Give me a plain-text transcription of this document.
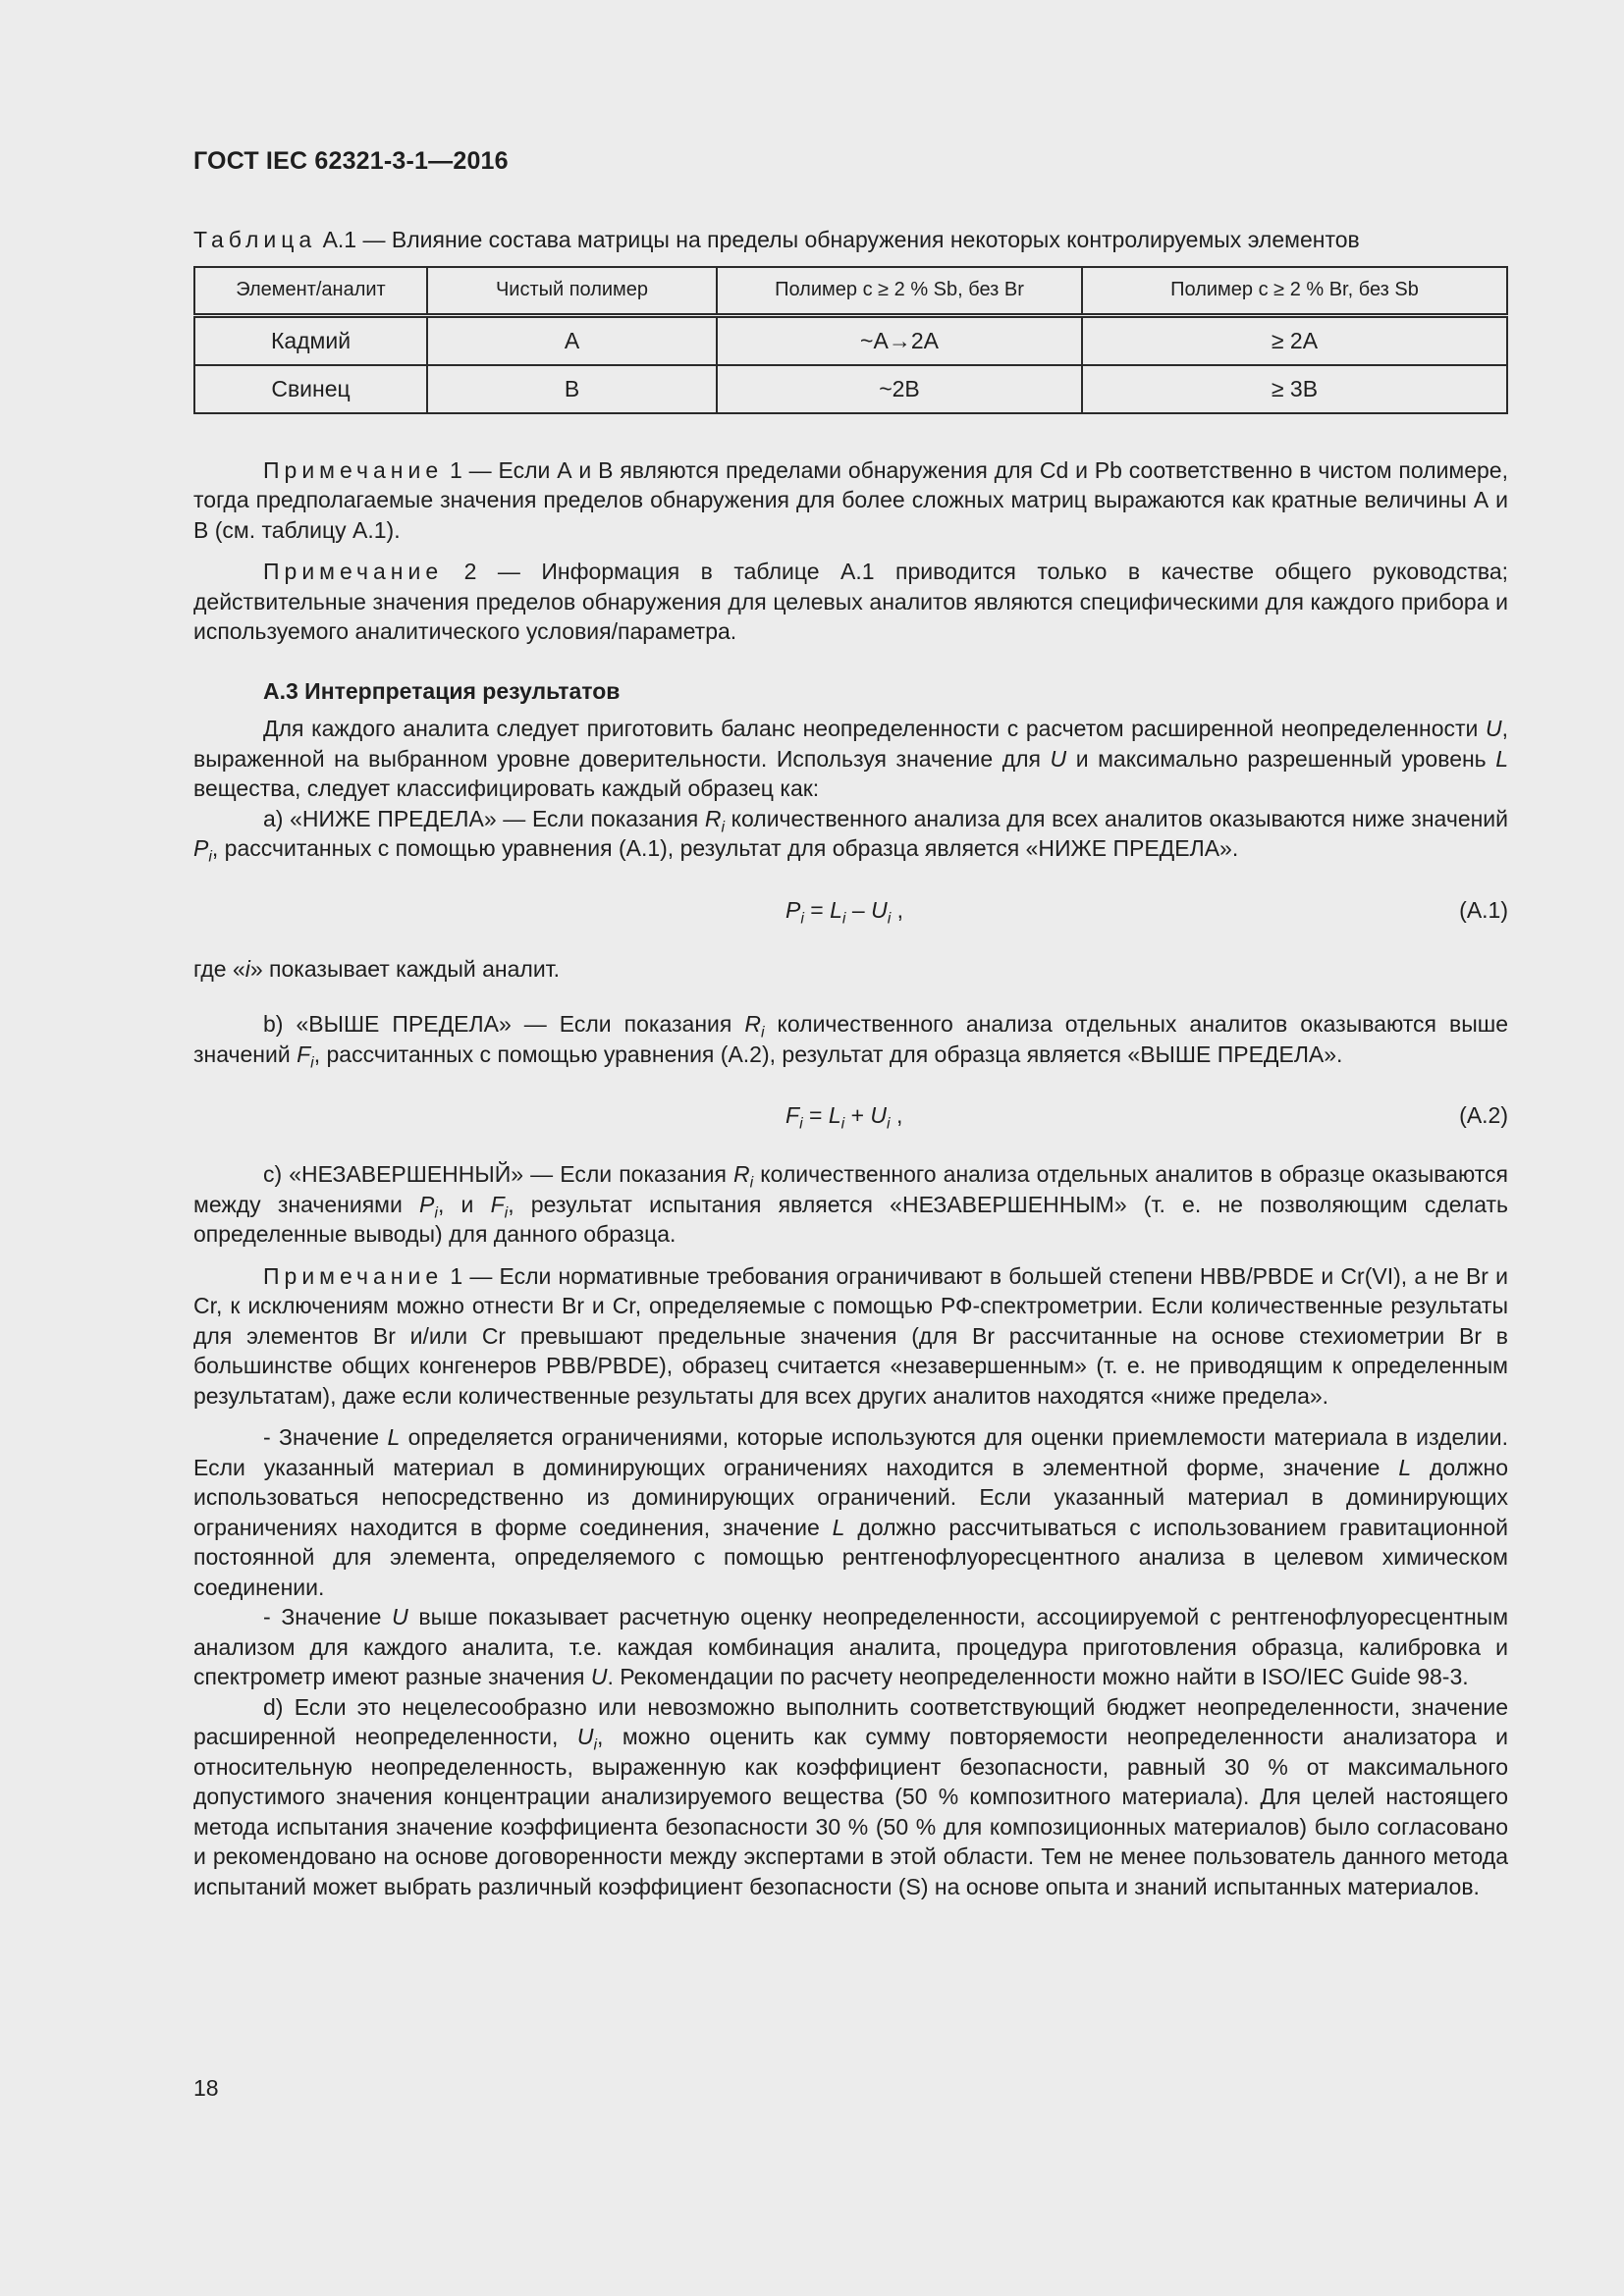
ГОСТ IEC 62321-3-1—2016
Таблица А.1 — Влияние состава матрицы на пределы обнаружения некоторых контролируемых элементов
Элемент/аналит	Чистый полимер	Полимер с ≥ 2 % Sb, без Br	Полимер с ≥ 2 % Br, без Sb
Кадмий	А	~А→2А	≥ 2А
Свинец	В	~2В	≥ 3В

Примечание 1 — Если А и В являются пределами обнаружения для Cd и Pb соответственно в чистом полимере, тогда предполагаемые значения пределов обнаружения для более сложных матриц выражаются как кратные величины А и В (см. таблицу А.1).

Примечание 2 — Информация в таблице А.1 приводится только в качестве общего руководства; действительные значения пределов обнаружения для целевых аналитов являются специфическими для каждого прибора и используемого аналитического условия/параметра.

А.3 Интерпретация результатов

Для каждого аналита следует приготовить баланс неопределенности с расчетом расширенной неопределенности U, выраженной на выбранном уровне доверительности. Используя значение для U и максимально разрешенный уровень L вещества, следует классифицировать каждый образец как:

a) «НИЖЕ ПРЕДЕЛА» — Если показания $R_i$ количественного анализа для всех аналитов оказываются ниже значений $P_i$, рассчитанных с помощью уравнения (А.1), результат для образца является «НИЖЕ ПРЕДЕЛА».

$P_i = L_i - U_i$ ,	(А.1)

где «i» показывает каждый аналит.

b) «ВЫШЕ ПРЕДЕЛА» — Если показания $R_i$ количественного анализа отдельных аналитов оказываются выше значений $F_i$, рассчитанных с помощью уравнения (А.2), результат для образца является «ВЫШЕ ПРЕДЕЛА».

$F_i = L_i + U_i$ ,	(А.2)

c) «НЕЗАВЕРШЕННЫЙ» — Если показания $R_i$ количественного анализа отдельных аналитов в образце оказываются между значениями $P_i$, и $F_i$, результат испытания является «НЕЗАВЕРШЕННЫМ» (т. е. не позволяющим сделать определенные выводы) для данного образца.

Примечание 1 — Если нормативные требования ограничивают в большей степени HBB/PBDE и Cr(VI), а не Br и Cr, к исключениям можно отнести Br и Cr, определяемые с помощью РФ-спектрометрии. Если количественные результаты для элементов Br и/или Cr превышают предельные значения (для Br рассчитанные на основе стехиометрии Br в большинстве общих конгенеров PBB/PBDE), образец считается «незавершенным» (т. е. не приводящим к определенным результатам), даже если количественные результаты для всех других аналитов находятся «ниже предела».

- Значение L определяется ограничениями, которые используются для оценки приемлемости материала в изделии. Если указанный материал в доминирующих ограничениях находится в элементной форме, значение L должно использоваться непосредственно из доминирующих ограничений. Если указанный материал в доминирующих ограничениях находится в форме соединения, значение L должно рассчитываться с использованием гравитационной постоянной для элемента, определяемого с помощью рентгенофлуоресцентного анализа в целевом химическом соединении.

- Значение U выше показывает расчетную оценку неопределенности, ассоциируемой с рентгенофлуоресцентным анализом для каждого аналита, т.е. каждая комбинация аналита, процедура приготовления образца, калибровка и спектрометр имеют разные значения U. Рекомендации по расчету неопределенности можно найти в ISO/IEC Guide 98-3.

d) Если это нецелесообразно или невозможно выполнить соответствующий бюджет неопределенности, значение расширенной неопределенности, $U_i$, можно оценить как сумму повторяемости неопределенности анализатора и относительную неопределенность, выраженную как коэффициент безопасности, равный 30 % от максимального допустимого значения концентрации анализируемого вещества (50 % композитного материала). Для целей настоящего метода испытания значение коэффициента безопасности 30 % (50 % для композиционных материалов) было согласовано и рекомендовано на основе договоренности между экспертами в этой области. Тем не менее пользователь данного метода испытаний может выбрать различный коэффициент безопасности (S) на основе опыта и знаний испытанных материалов.

18
